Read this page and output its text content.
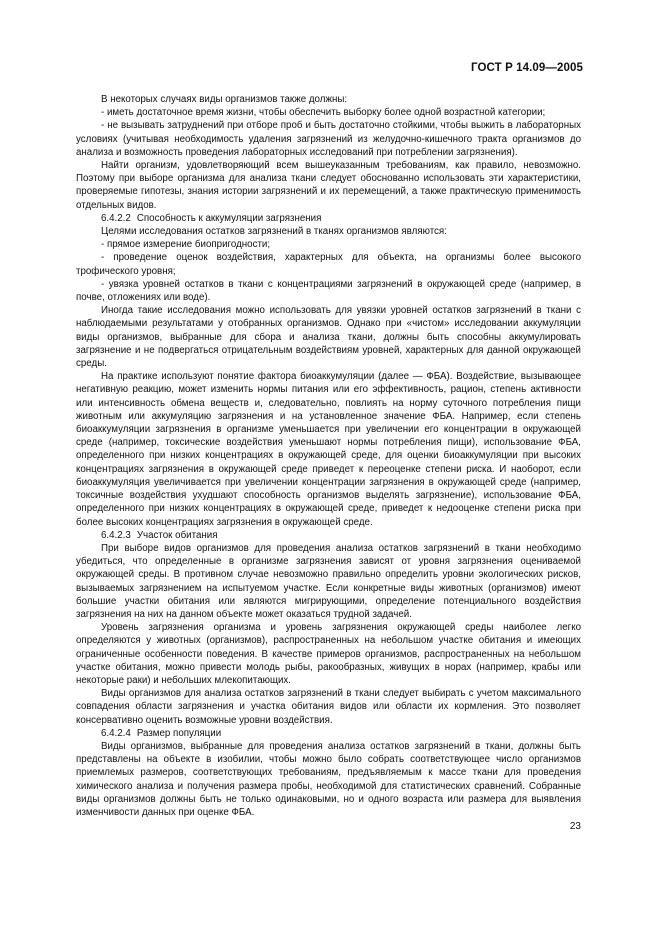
ГОСТ Р 14.09—2005

В некоторых случаях виды организмов также должны:

- иметь достаточное время жизни, чтобы обеспечить выборку более одной возрастной категории;

- не вызывать затруднений при отборе проб и быть достаточно стойкими, чтобы выжить в лабораторных условиях (учитывая необходимость удаления загрязнений из желудочно-кишечного тракта организмов до анализа и возможность проведения лабораторных исследований при потреблении загрязнения).

Найти организм, удовлетворяющий всем вышеуказанным требованиям, как правило, невозможно. Поэтому при выборе организма для анализа ткани следует обоснованно использовать эти характеристики, проверяемые гипотезы, знания истории загрязнений и их перемещений, а также практическую применимость отдельных видов.

6.4.2.2 Способность к аккумуляции загрязнения

Целями исследования остатков загрязнений в тканях организмов являются:

- прямое измерение биопригодности;

- проведение оценок воздействия, характерных для объекта, на организмы более высокого трофического уровня;

- увязка уровней остатков в ткани с концентрациями загрязнений в окружающей среде (например, в почве, отложениях или воде).

Иногда такие исследования можно использовать для увязки уровней остатков загрязнений в ткани с наблюдаемыми результатами у отобранных организмов. Однако при «чистом» исследовании аккумуляции виды организмов, выбранные для сбора и анализа ткани, должны быть способны аккумулировать загрязнение и не подвергаться отрицательным воздействиям уровней, характерных для данной окружающей среды.

На практике используют понятие фактора биоаккумуляции (далее — ФБА). Воздействие, вызывающее негативную реакцию, может изменить нормы питания или его эффективность, рацион, степень активности или интенсивность обмена веществ и, следовательно, повлиять на норму суточного потребления пищи животным или аккумуляцию загрязнения и на установленное значение ФБА. Например, если степень биоаккумуляции загрязнения в организме уменьшается при увеличении его концентрации в окружающей среде (например, токсические воздействия уменьшают нормы потребления пищи), использование ФБА, определенного при низких концентрациях в окружающей среде, для оценки биоаккумуляции при высоких концентрациях загрязнения в окружающей среде приведет к переоценке степени риска. И наоборот, если биоаккумуляция увеличивается при увеличении концентрации загрязнения в окружающей среде (например, токсичные воздействия ухудшают способность организмов выделять загрязнение), использование ФБА, определенного при низких концентрациях в окружающей среде, приведет к недооценке степени риска при более высоких концентрациях загрязнения в окружающей среде.

6.4.2.3 Участок обитания

При выборе видов организмов для проведения анализа остатков загрязнений в ткани необходимо убедиться, что определенные в организме загрязнения зависят от уровня загрязнения оцениваемой окружающей среды. В противном случае невозможно правильно определить уровни экологических рисков, вызываемых загрязнением на испытуемом участке. Если конкретные виды животных (организмов) имеют большие участки обитания или являются мигрирующими, определение потенциального воздействия загрязнения на них на данном объекте может оказаться трудной задачей.

Уровень загрязнения организма и уровень загрязнения окружающей среды наиболее легко определяются у животных (организмов), распространенных на небольшом участке обитания и имеющих ограниченные особенности поведения. В качестве примеров организмов, распространенных на небольшом участке обитания, можно привести молодь рыбы, ракообразных, живущих в норах (например, крабы или некоторые раки) и небольших млекопитающих.

Виды организмов для анализа остатков загрязнений в ткани следует выбирать с учетом максимального совпадения области загрязнения и участка обитания видов или области их кормления. Это позволяет консервативно оценить возможные уровни воздействия.

6.4.2.4 Размер популяции

Виды организмов, выбранные для проведения анализа остатков загрязнений в ткани, должны быть представлены на объекте в изобилии, чтобы можно было собрать соответствующее число организмов приемлемых размеров, соответствующих требованиям, предъявляемым к массе ткани для проведения химического анализа и получения размера пробы, необходимой для статистических сравнений. Собранные виды организмов должны быть не только одинаковыми, но и одного возраста или размера для выявления изменчивости данных при оценке ФБА.

23
